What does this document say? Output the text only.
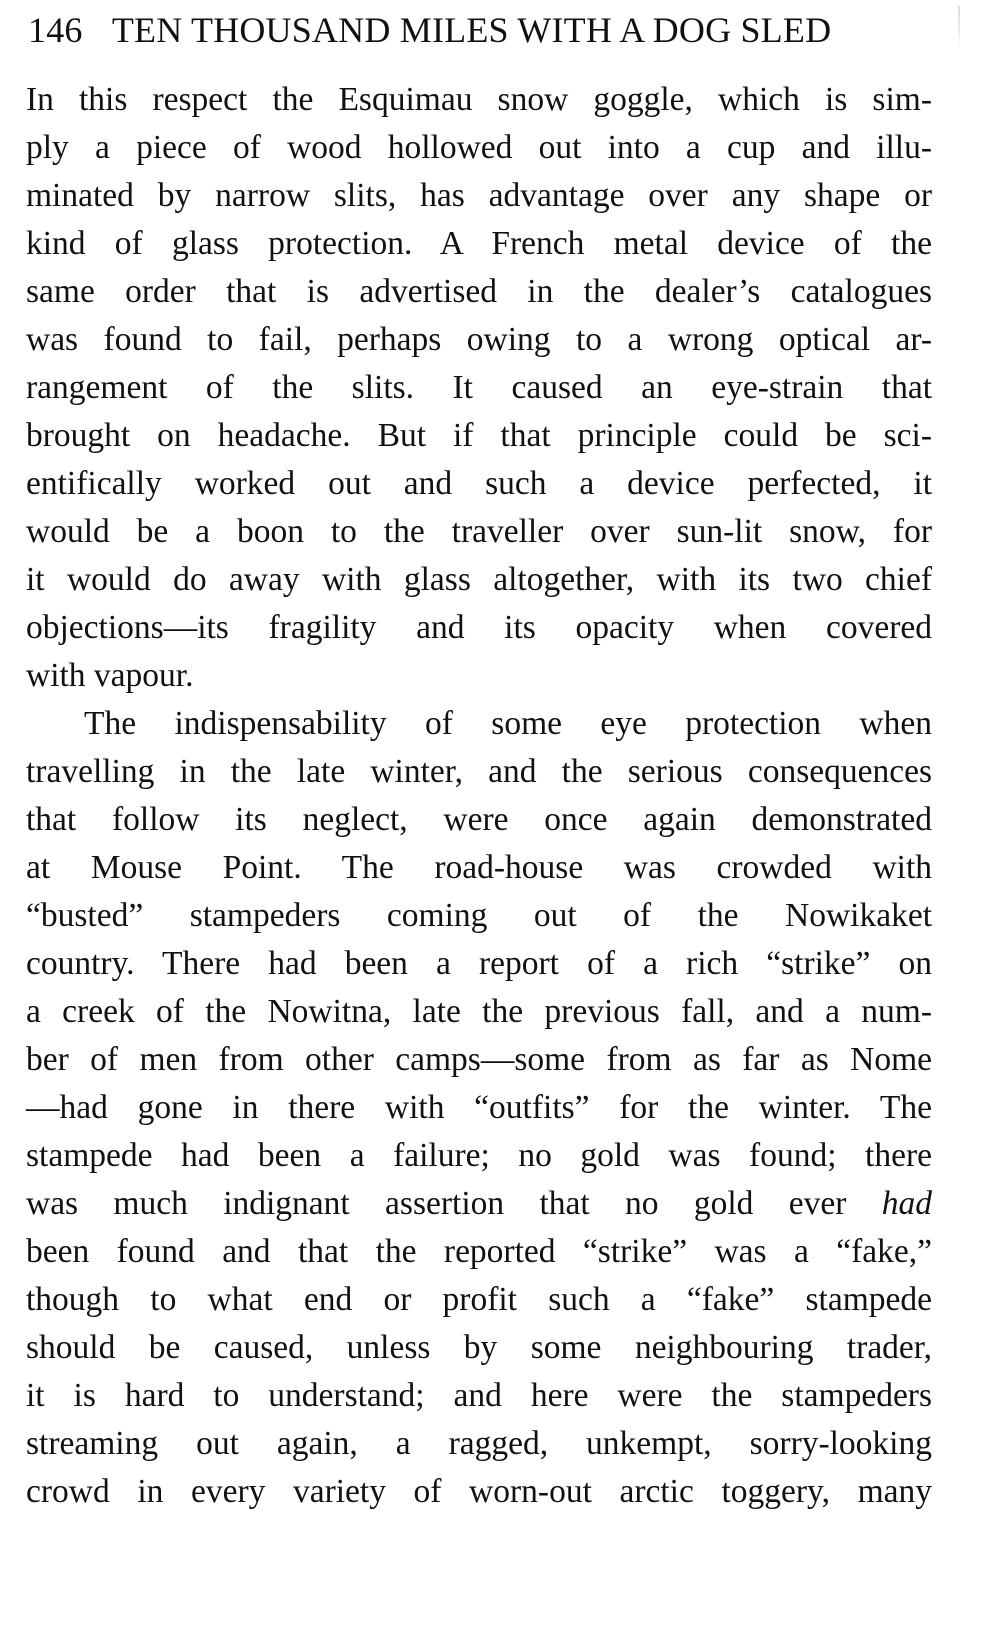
146 TEN THOUSAND MILES WITH A DOG SLED
In this respect the Esquimau snow goggle, which is sim-
ply a piece of wood hollowed out into a cup and illu-
minated by narrow slits, has advantage over any shape or
kind of glass protection. A French metal device of the
same order that is advertised in the dealer’s catalogues
was found to fail, perhaps owing to a wrong optical ar-
rangement of the slits. It caused an eye-strain that
brought on headache. But if that principle could be sci-
entifically worked out and such a device perfected, it
would be a boon to the traveller over sun-lit snow, for
it would do away with glass altogether, with its two chief
objections—its fragility and its opacity when covered
with vapour.
The indispensability of some eye protection when
travelling in the late winter, and the serious consequences
that follow its neglect, were once again demonstrated
at Mouse Point. The road-house was crowded with
“busted” stampeders coming out of the Nowikaket
country. There had been a report of a rich “strike” on
a creek of the Nowitna, late the previous fall, and a num-
ber of men from other camps—some from as far as Nome
—had gone in there with “outfits” for the winter. The
stampede had been a failure; no gold was found; there
was much indignant assertion that no gold ever had
been found and that the reported “strike” was a “fake,”
though to what end or profit such a “fake” stampede
should be caused, unless by some neighbouring trader,
it is hard to understand; and here were the stampeders
streaming out again, a ragged, unkempt, sorry-looking
crowd in every variety of worn-out arctic toggery, many
